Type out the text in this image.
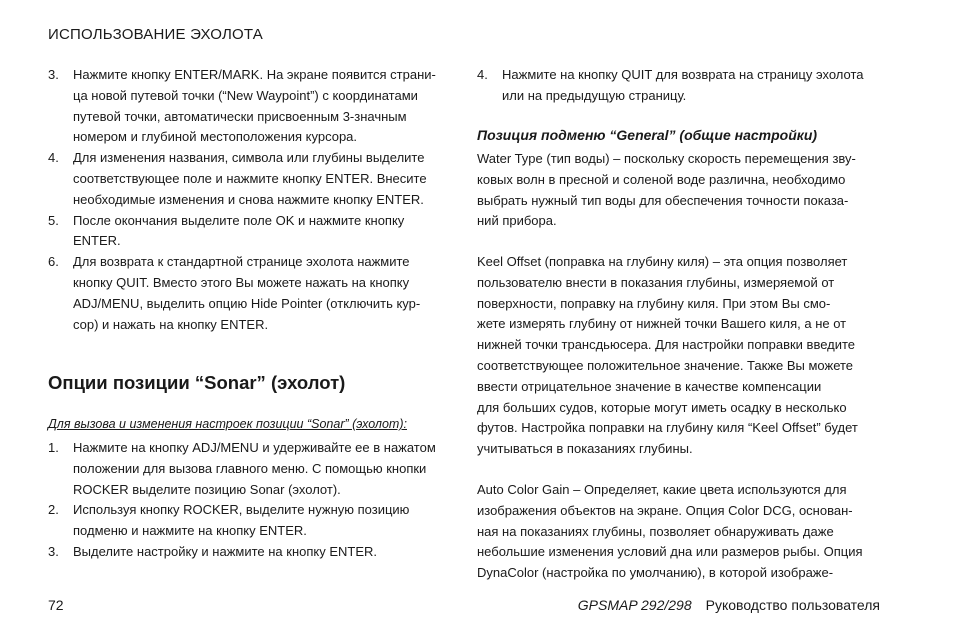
ИСПОЛЬЗОВАНИЕ ЭХОЛОТА
3.	Нажмите кнопку ENTER/MARK. На экране появится страни-
ца новой путевой точки (“New Waypoint”) с координатами
путевой точки, автоматически присвоенным 3-значным
номером и глубиной местоположения курсора.
4.	Для изменения названия, символа или глубины выделите
соответствующее поле и нажмите кнопку ENTER. Внесите
необходимые изменения и снова нажмите кнопку ENTER.
5.	После окончания выделите поле OK и нажмите кнопку
ENTER.
6.	Для возврата к стандартной странице эхолота нажмите
кнопку QUIT. Вместо этого Вы можете нажать на кнопку
ADJ/MENU, выделить опцию Hide Pointer (отключить кур-
сор) и нажать на кнопку ENTER.
Опции позиции “Sonar” (эхолот)
Для вызова и изменения настроек позиции “Sonar” (эхолот):
1.	Нажмите на кнопку ADJ/MENU и удерживайте ее в нажатом
положении для вызова главного меню. С помощью кнопки
ROCKER выделите позицию Sonar (эхолот).
2.	Используя кнопку ROCKER, выделите нужную позицию
подменю и нажмите на кнопку ENTER.
3.	Выделите настройку и нажмите на кнопку ENTER.
4.	Нажмите на кнопку QUIT для возврата на страницу эхолота
или на предыдущую страницу.
Позиция подменю “General” (общие настройки)
Water Type (тип воды) – поскольку скорость перемещения зву-
ковых волн в пресной и соленой воде различна, необходимо
выбрать нужный тип воды для обеспечения точности показа-
ний прибора.
Keel Offset (поправка на глубину киля) – эта опция позволяет
пользователю внести в показания глубины, измеряемой от
поверхности, поправку на глубину киля. При этом Вы смо-
жете измерять глубину от нижней точки Вашего киля, а не от
нижней точки трансдьюсера. Для настройки поправки введите
соответствующее положительное значение. Также Вы можете
ввести отрицательное значение в качестве компенсации
для больших судов, которые могут иметь осадку в несколько
футов. Настройка поправки на глубину киля “Keel Offset” будет
учитываться в показаниях глубины.
Auto Color Gain – Определяет, какие цвета используются для
изображения объектов на экране. Опция Color DCG, основан-
ная на показаниях глубины, позволяет обнаруживать даже
небольшие изменения условий дна или размеров рыбы. Опция
DynaColor (настройка по умолчанию), в которой изображе-
72	GPSMAP 292/298 Руководство пользователя
